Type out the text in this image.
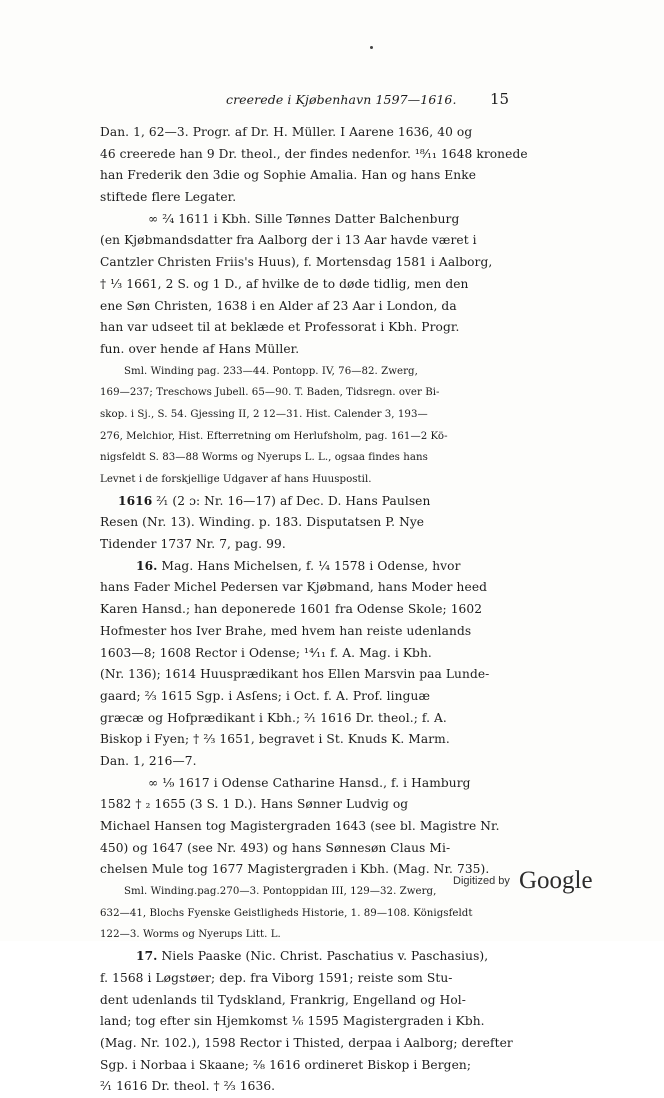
creerede i Kjøbenhavn 1597—1616. 15
Dan. 1, 62—3. Progr. af Dr. H. Müller. I Aarene 1636, 40 og
46 creerede han 9 Dr. theol., der findes nedenfor. ¹⁸⁄₁₁ 1648 kronede
han Frederik den 3die og Sophie Amalia. Han og hans Enke
stiftede flere Legater.
∞ ²⁄₄ 1611 i Kbh. Sille Tønnes Datter Balchenburg
(en Kjøbmandsdatter fra Aalborg der i 13 Aar havde været i
Cantzler Christen Friis's Huus), f. Mortensdag 1581 i Aalborg,
† ¹⁄₃ 1661, 2 S. og 1 D., af hvilke de to døde tidlig, men den
ene Søn Christen, 1638 i en Alder af 23 Aar i London, da
han var udseet til at beklæde et Professorat i Kbh. Progr.
fun. over hende af Hans Müller.
Sml. Winding pag. 233—44. Pontopp. IV, 76—82. Zwerg,
169—237; Treschows Jubell. 65—90. T. Baden, Tidsregn. over Bi-
skop. i Sj., S. 54. Gjessing II, 2 12—31. Hist. Calender 3, 193—
276, Melchior, Hist. Efterretning om Herlufsholm, pag. 161—2 Kö-
nigsfeldt S. 83—88 Worms og Nyerups L. L., ogsaa findes hans
Levnet i de forskjellige Udgaver af hans Huuspostil.
1616 ²⁄₁ (2 ɔ: Nr. 16—17) af Dec. D. Hans Paulsen
Resen (Nr. 13). Winding. p. 183. Disputatsen P. Nye
Tidender 1737 Nr. 7, pag. 99.
16. Mag. Hans Michelsen, f. ¼ 1578 i Odense, hvor
hans Fader Michel Pedersen var Kjøbmand, hans Moder heed
Karen Hansd.; han deponerede 1601 fra Odense Skole; 1602
Hofmester hos Iver Brahe, med hvem han reiste udenlands
1603—8; 1608 Rector i Odense; ¹⁴⁄₁₁ f. A. Mag. i Kbh.
(Nr. 136); 1614 Huusprædikant hos Ellen Marsvin paa Lunde-
gaard; ²⁄₃ 1615 Sgp. i Asſens; i Oct. f. A. Prof. linguæ
græcæ og Hofprædikant i Kbh.; ²⁄₁ 1616 Dr. theol.; f. A.
Biskop i Fyen; † ²⁄₃ 1651, begravet i St. Knuds K. Marm.
Dan. 1, 216—7.
∞ ¹⁄₉ 1617 i Odense Catharine Hansd., f. i Hamburg
1582 † ₂ 1655 (3 S. 1 D.). Hans Sønner Ludvig og
Michael Hansen tog Magistergraden 1643 (see bl. Magistre Nr.
450) og 1647 (see Nr. 493) og hans Sønnesøn Claus Mi-
chelsen Mule tog 1677 Magistergraden i Kbh. (Mag. Nr. 735).
Sml. Winding.pag.270—3. Pontoppidan III, 129—32. Zwerg,
632—41, Blochs Fyenske Geistligheds Historie, 1. 89—108. Königsfeldt
122—3. Worms og Nyerups Litt. L.
17. Niels Paaske (Nic. Christ. Paschatius v. Paschasius),
f. 1568 i Løgstøer; dep. fra Viborg 1591; reiste som Stu-
dent udenlands til Tydskland, Frankrig, Engelland og Hol-
land; tog efter sin Hjemkomst ⅙ 1595 Magistergraden i Kbh.
(Mag. Nr. 102.), 1598 Rector i Thisted, derpaa i Aalborg; derefter
Sgp. i Norbaa i Skaane; ²⁄₈ 1616 ordineret Biskop i Bergen;
²⁄₁ 1616 Dr. theol. † ²⁄₃ 1636.
Digitized by Google
